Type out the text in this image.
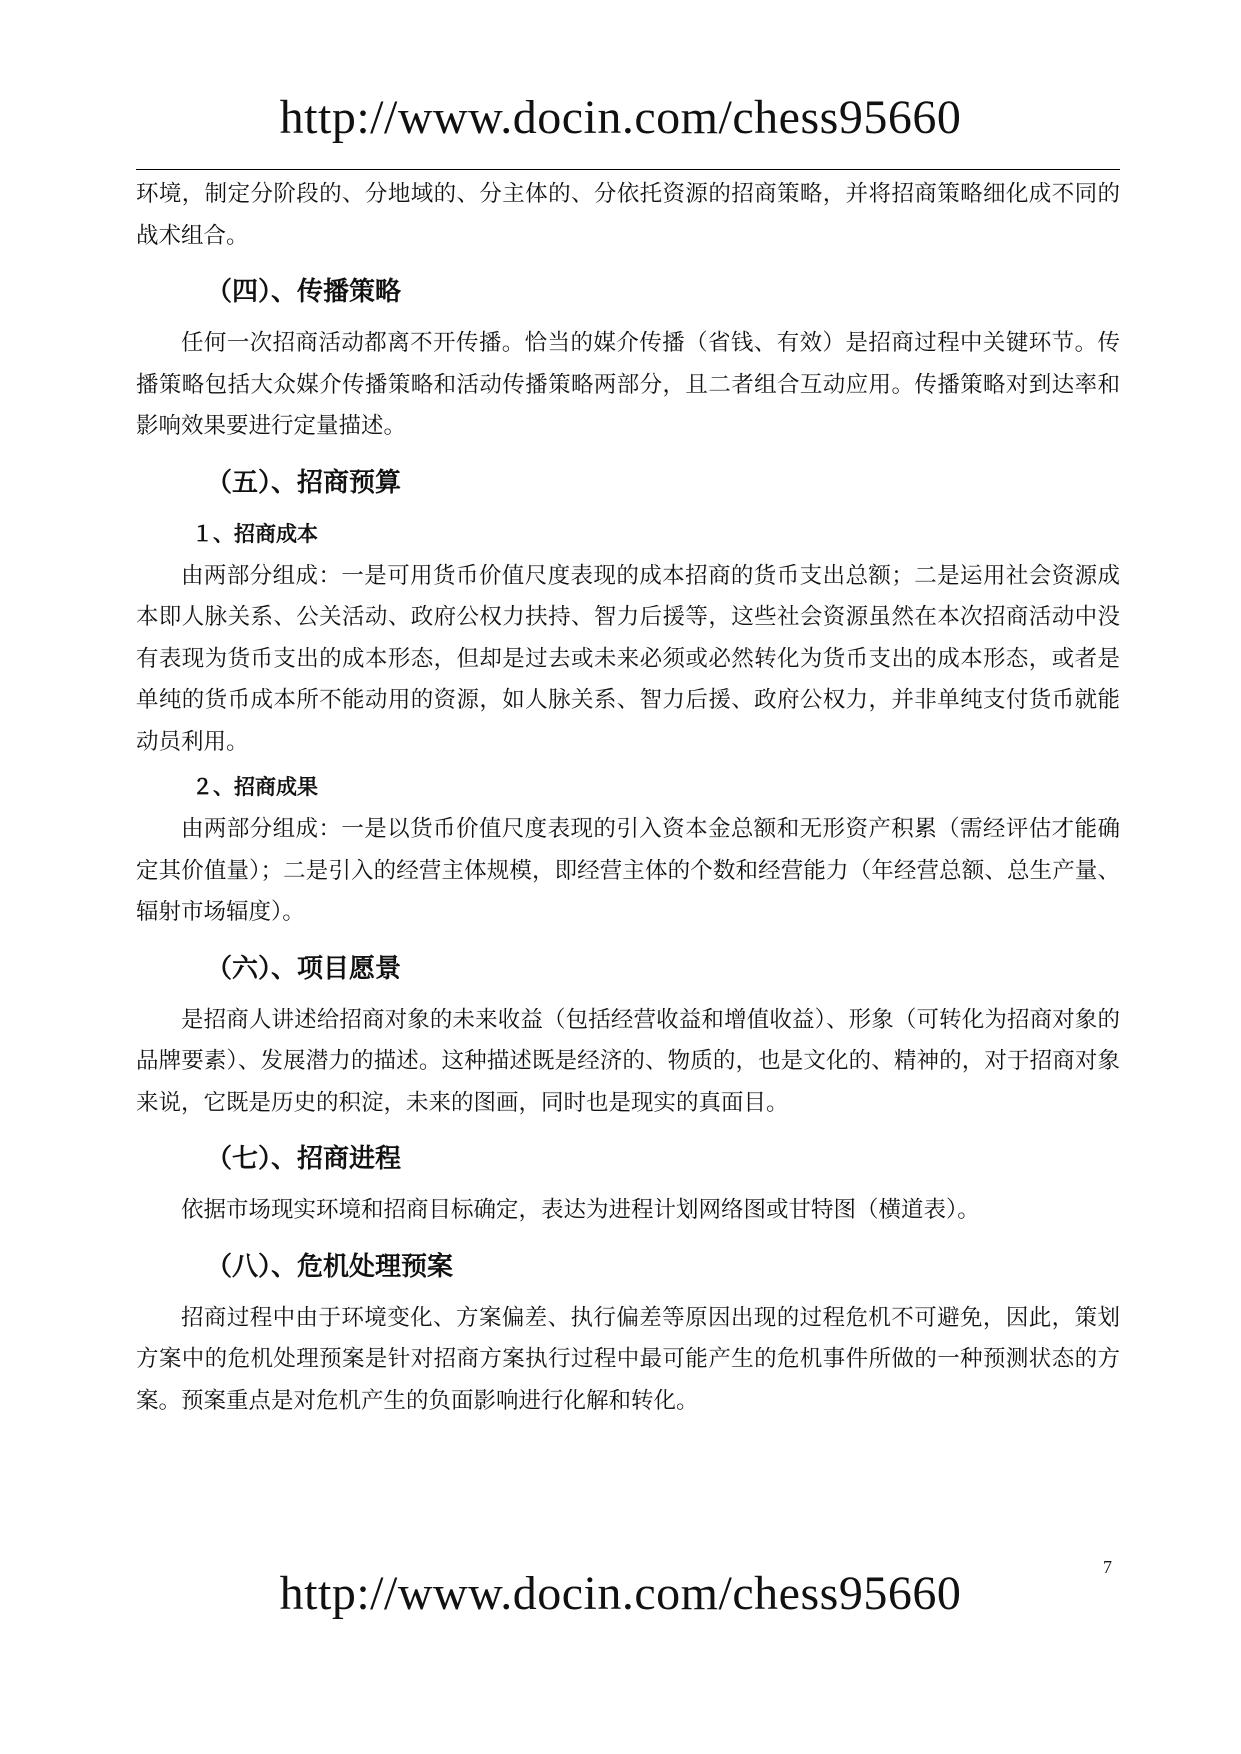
http://www.docin.com/chess95660

环境，制定分阶段的、分地域的、分主体的、分依托资源的招商策略，并将招商策略细化成不同的战术组合。

（四）、传播策略

任何一次招商活动都离不开传播。恰当的媒介传播（省钱、有效）是招商过程中关键环节。传播策略包括大众媒介传播策略和活动传播策略两部分，且二者组合互动应用。传播策略对到达率和影响效果要进行定量描述。

（五）、招商预算
１、招商成本

由两部分组成：一是可用货币价值尺度表现的成本招商的货币支出总额；二是运用社会资源成本即人脉关系、公关活动、政府公权力扶持、智力后援等，这些社会资源虽然在本次招商活动中没有表现为货币支出的成本形态，但却是过去或未来必须或必然转化为货币支出的成本形态，或者是单纯的货币成本所不能动用的资源，如人脉关系、智力后援、政府公权力，并非单纯支付货币就能动员利用。

２、招商成果

由两部分组成：一是以货币价值尺度表现的引入资本金总额和无形资产积累（需经评估才能确定其价值量）；二是引入的经营主体规模，即经营主体的个数和经营能力（年经营总额、总生产量、辐射市场辐度）。

（六）、项目愿景

是招商人讲述给招商对象的未来收益（包括经营收益和增值收益）、形象（可转化为招商对象的品牌要素）、发展潜力的描述。这种描述既是经济的、物质的，也是文化的、精神的，对于招商对象来说，它既是历史的积淀，未来的图画，同时也是现实的真面目。

（七）、招商进程

依据市场现实环境和招商目标确定，表达为进程计划网络图或甘特图（横道表）。

（八）、危机处理预案

招商过程中由于环境变化、方案偏差、执行偏差等原因出现的过程危机不可避免，因此，策划方案中的危机处理预案是针对招商方案执行过程中最可能产生的危机事件所做的一种预测状态的方案。预案重点是对危机产生的负面影响进行化解和转化。

7
http://www.docin.com/chess95660
